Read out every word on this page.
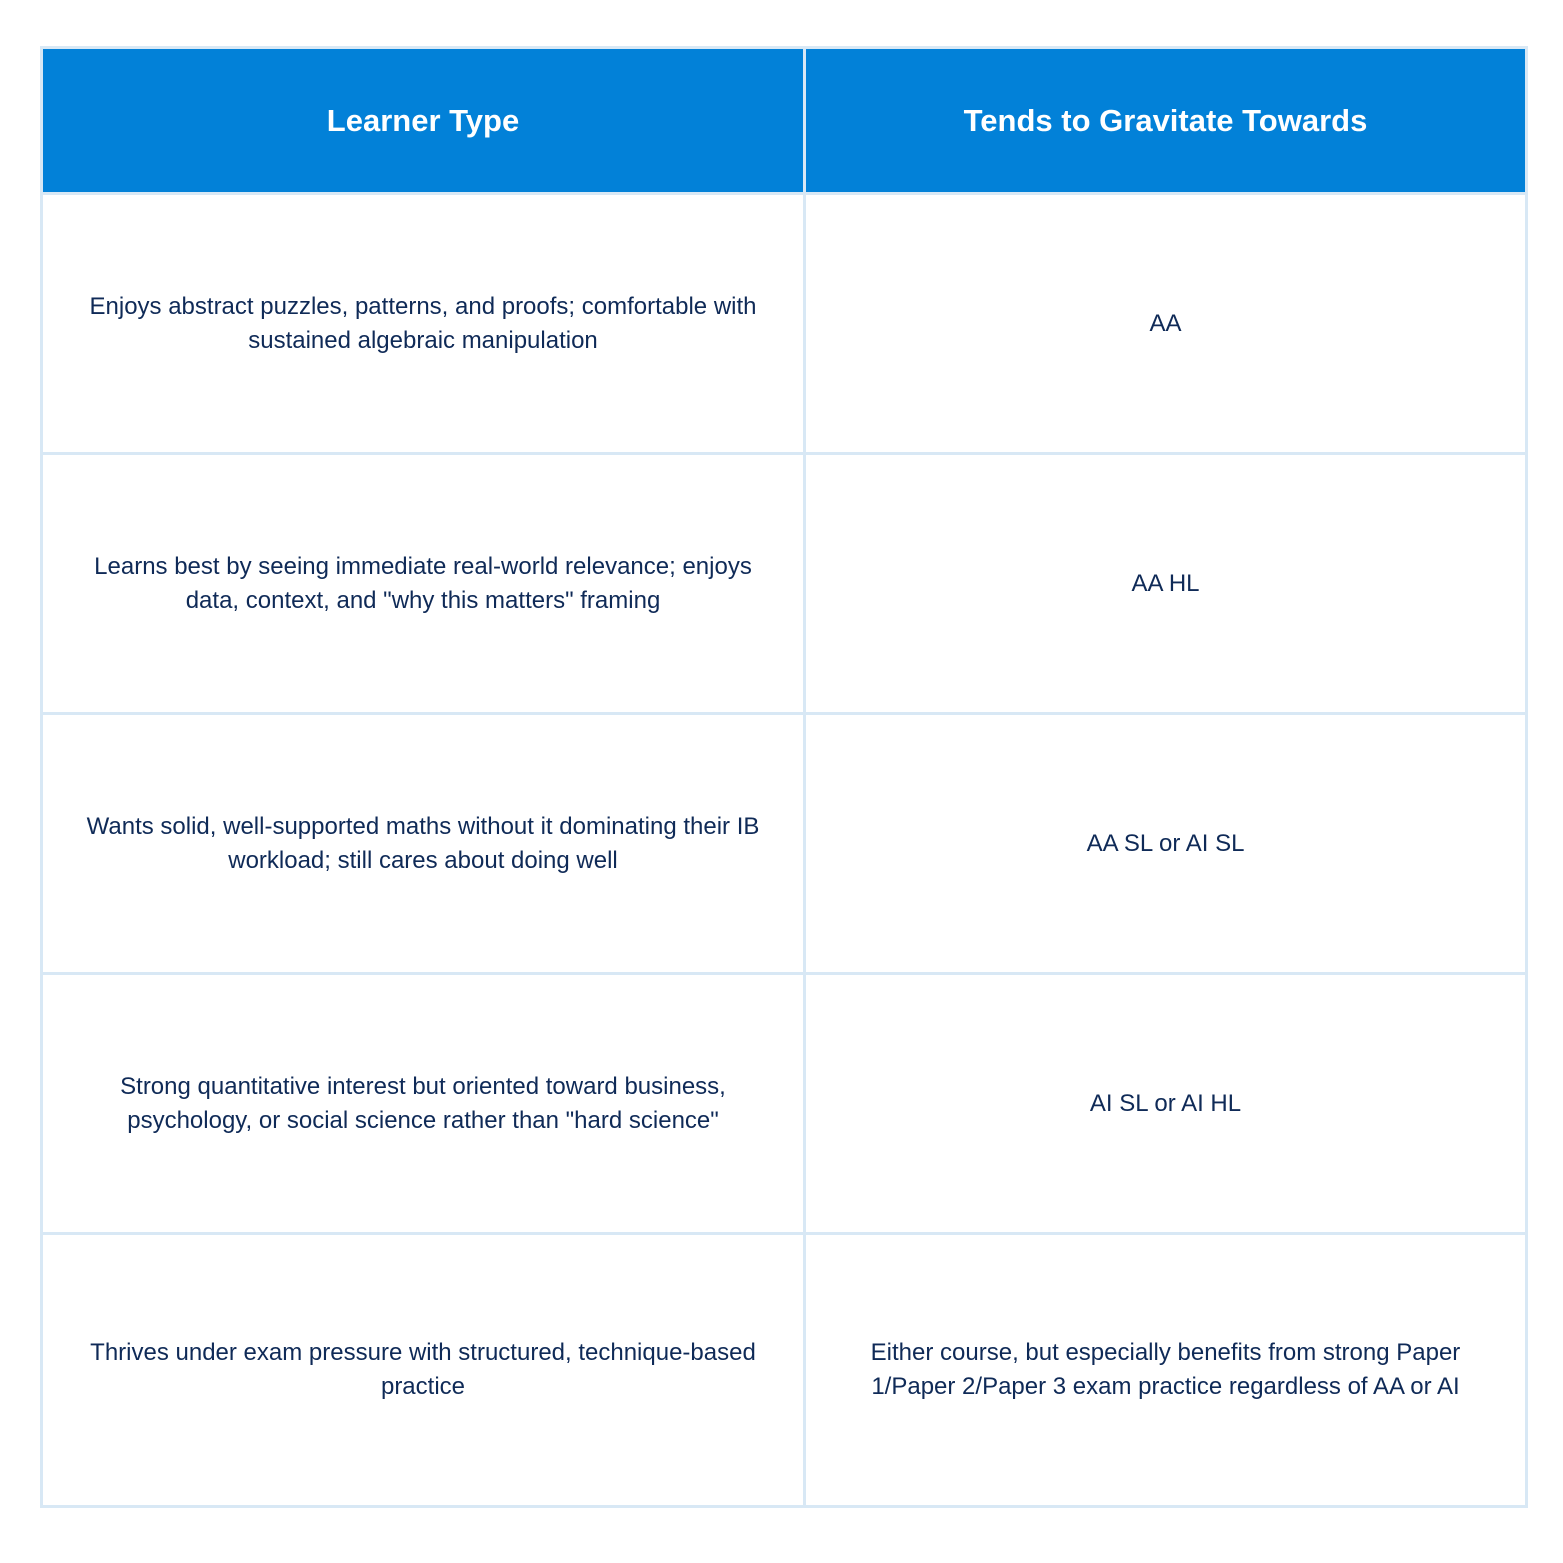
Learner Type	Tends to Gravitate Towards
Enjoys abstract puzzles, patterns, and proofs; comfortable with sustained algebraic manipulation	AA
Learns best by seeing immediate real-world relevance; enjoys data, context, and "why this matters" framing	AA HL
Wants solid, well-supported maths without it dominating their IB workload; still cares about doing well	AA SL or AI SL
Strong quantitative interest but oriented toward business, psychology, or social science rather than "hard science"	AI SL or AI HL
Thrives under exam pressure with structured, technique-based practice	Either course, but especially benefits from strong Paper 1/Paper 2/Paper 3 exam practice regardless of AA or AI
